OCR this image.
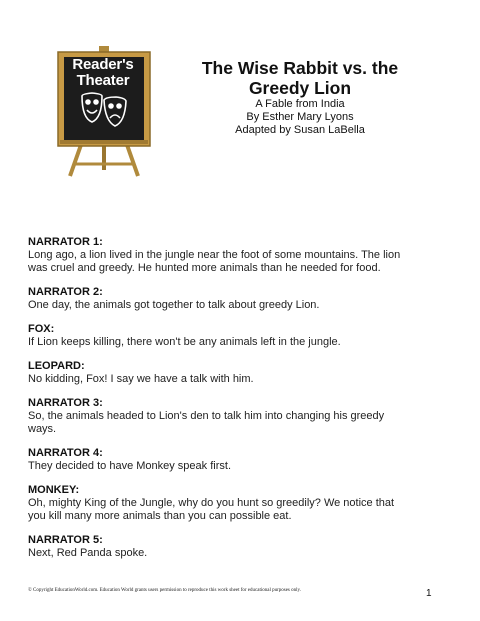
Reader's
Theater

The Wise Rabbit vs. the

Greedy Lion

A Fable from India

By Esther Mary Lyons

Adapted by Susan LaBella

NARRATOR 1:

Long ago, a lion lived in the jungle near the foot of some mountains. The lion

was cruel and greedy. He hunted more animals than he needed for food.

NARRATOR 2:

One day, the animals got together to talk about greedy Lion.

FOX:

If Lion keeps killing, there won't be any animals left in the jungle.

LEOPARD:

No kidding, Fox! I say we have a talk with him.

NARRATOR 3:

So, the animals headed to Lion's den to talk him into changing his greedy

ways.

NARRATOR 4:

They decided to have Monkey speak first.

MONKEY:

Oh, mighty King of the Jungle, why do you hunt so greedily? We notice that

you kill many more animals than you can possible eat.

NARRATOR 5:

Next, Red Panda spoke.

© Copyright EducationWorld.com. Education World grants users permission to reproduce this work sheet for educational purposes only.	1
